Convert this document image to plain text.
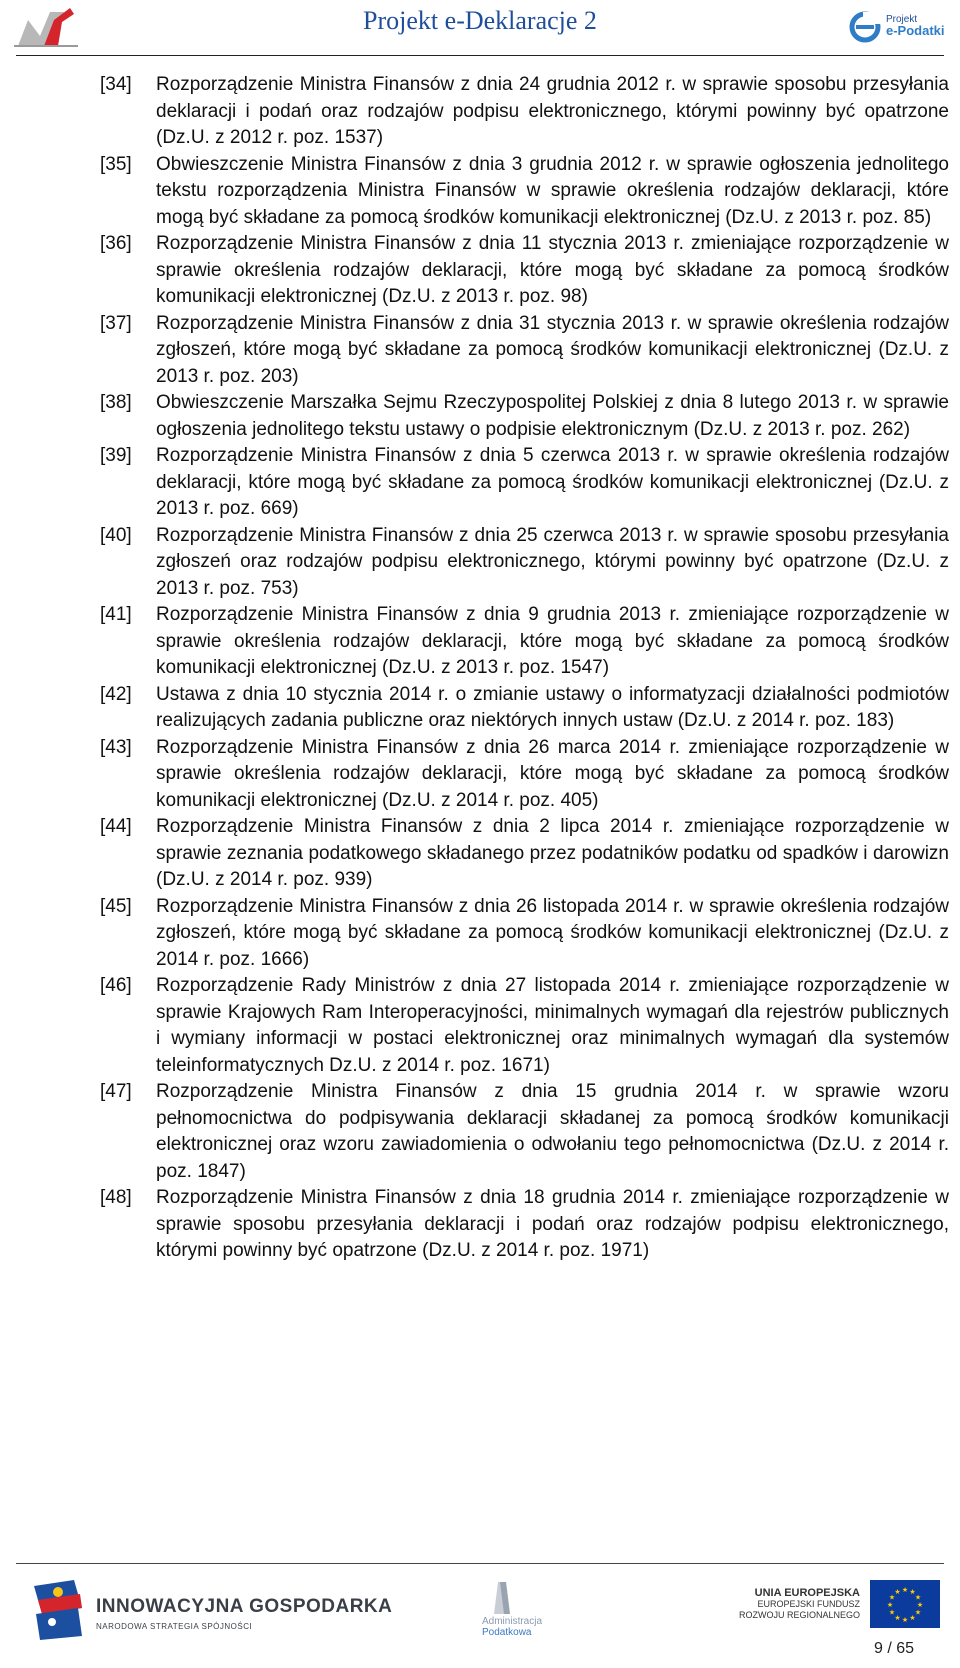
Projekt e-Deklaracje 2	Projekt
e-Podatki
[34] Rozporządzenie Ministra Finansów z dnia 24 grudnia 2012 r. w sprawie sposobu przesyłania deklaracji i podań oraz rodzajów podpisu elektronicznego, którymi powinny być opatrzone (Dz.U. z 2012 r. poz. 1537)
[35] Obwieszczenie Ministra Finansów z dnia 3 grudnia 2012 r. w sprawie ogłoszenia jednolitego tekstu rozporządzenia Ministra Finansów w sprawie określenia rodzajów deklaracji, które mogą być składane za pomocą środków komunikacji elektronicznej (Dz.U. z 2013 r. poz. 85)
[36] Rozporządzenie Ministra Finansów z dnia 11 stycznia 2013 r. zmieniające rozporządzenie w sprawie określenia rodzajów deklaracji, które mogą być składane za pomocą środków komunikacji elektronicznej (Dz.U. z 2013 r. poz. 98)
[37] Rozporządzenie Ministra Finansów z dnia 31 stycznia 2013 r. w sprawie określenia rodzajów zgłoszeń, które mogą być składane za pomocą środków komunikacji elektronicznej (Dz.U. z 2013 r. poz. 203)
[38] Obwieszczenie Marszałka Sejmu Rzeczypospolitej Polskiej z dnia 8 lutego 2013 r. w sprawie ogłoszenia jednolitego tekstu ustawy o podpisie elektronicznym (Dz.U. z 2013 r. poz. 262)
[39] Rozporządzenie Ministra Finansów z dnia 5 czerwca 2013 r. w sprawie określenia rodzajów deklaracji, które mogą być składane za pomocą środków komunikacji elektronicznej (Dz.U. z 2013 r. poz. 669)
[40] Rozporządzenie Ministra Finansów z dnia 25 czerwca 2013 r. w sprawie sposobu przesyłania zgłoszeń oraz rodzajów podpisu elektronicznego, którymi powinny być opatrzone (Dz.U. z 2013 r. poz. 753)
[41] Rozporządzenie Ministra Finansów z dnia 9 grudnia 2013 r. zmieniające rozporządzenie w sprawie określenia rodzajów deklaracji, które mogą być składane za pomocą środków komunikacji elektronicznej (Dz.U. z 2013 r. poz. 1547)
[42] Ustawa z dnia 10 stycznia 2014 r. o zmianie ustawy o informatyzacji działalności podmiotów realizujących zadania publiczne oraz niektórych innych ustaw (Dz.U. z 2014 r. poz. 183)
[43] Rozporządzenie Ministra Finansów z dnia 26 marca 2014 r. zmieniające rozporządzenie w sprawie określenia rodzajów deklaracji, które mogą być składane za pomocą środków komunikacji elektronicznej (Dz.U. z 2014 r. poz. 405)
[44] Rozporządzenie Ministra Finansów z dnia 2 lipca 2014 r. zmieniające rozporządzenie w sprawie zeznania podatkowego składanego przez podatników podatku od spadków i darowizn (Dz.U. z 2014 r. poz. 939)
[45] Rozporządzenie Ministra Finansów z dnia 26 listopada 2014 r. w sprawie określenia rodzajów zgłoszeń, które mogą być składane za pomocą środków komunikacji elektronicznej (Dz.U. z 2014 r. poz. 1666)
[46] Rozporządzenie Rady Ministrów z dnia 27 listopada 2014 r. zmieniające rozporządzenie w sprawie Krajowych Ram Interoperacyjności, minimalnych wymagań dla rejestrów publicznych i wymiany informacji w postaci elektronicznej oraz minimalnych wymagań dla systemów teleinformatycznych Dz.U. z 2014 r. poz. 1671)
[47] Rozporządzenie Ministra Finansów z dnia 15 grudnia 2014 r. w sprawie wzoru pełnomocnictwa do podpisywania deklaracji składanej za pomocą środków komunikacji elektronicznej oraz wzoru zawiadomienia o odwołaniu tego pełnomocnictwa (Dz.U. z 2014 r. poz. 1847)
[48] Rozporządzenie Ministra Finansów z dnia 18 grudnia 2014 r. zmieniające rozporządzenie w sprawie sposobu przesyłania deklaracji i podań oraz rodzajów podpisu elektronicznego, którymi powinny być opatrzone (Dz.U. z 2014 r. poz. 1971)
INNOWACYJNA GOSPODARKA
NARODOWA STRATEGIA SPÓJNOŚCI	Administracja
Podatkowa
UNIA EUROPEJSKA
EUROPEJSKI FUNDUSZ
ROZWOJU REGIONALNEGO
★
★
★
★
★
★
★
★
★ ★ ★
★
9 / 65
